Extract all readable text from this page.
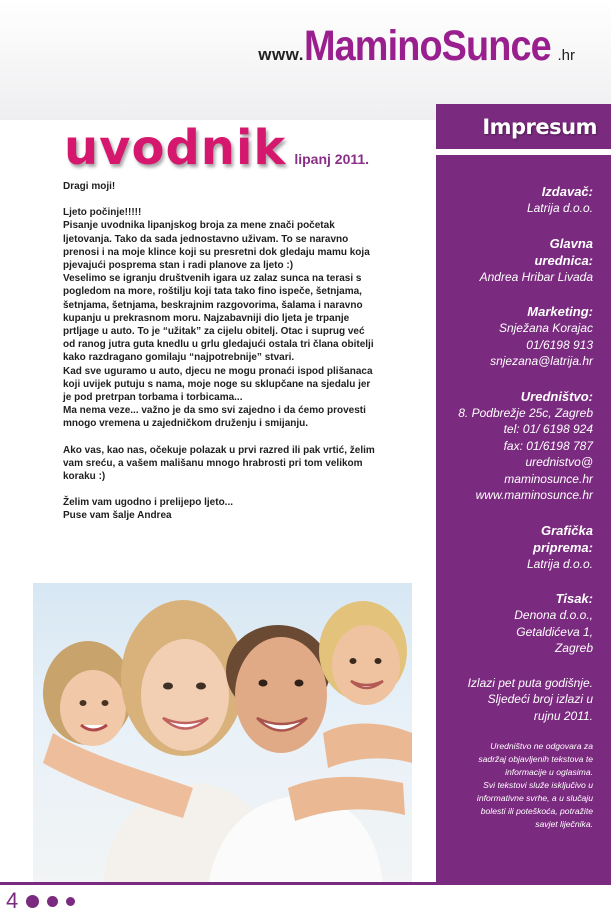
www. MaminoSunce .hr
uvodnik lipanj 2011.

Dragi moji!

Ljeto počinje!!!!!
Pisanje uvodnika lipanjskog broja za mene znači početak
ljetovanja. Tako da sada jednostavno uživam. To se naravno
prenosi i na moje klince koji su presretni dok gledaju mamu koja
pjevajući posprema stan i radi planove za ljeto :)
Veselimo se igranju društvenih igara uz zalaz sunca na terasi s
pogledom na more, roštilju koji tata tako fino ispeče, šetnjama,
šetnjama, šetnjama, beskrajnim razgovorima, šalama i naravno
kupanju u prekrasnom moru. Najzabavniji dio ljeta je trpanje
prtljage u auto. To je “užitak” za cijelu obitelj. Otac i suprug već
od ranog jutra guta knedlu u grlu gledajući ostala tri člana obitelji
kako razdragano gomilaju “najpotrebnije” stvari.
Kad sve uguramo u auto, djecu ne mogu pronaći ispod plišanaca
koji uvijek putuju s nama, moje noge su sklupčane na sjedalu jer
je pod pretrpan torbama i torbicama...
Ma nema veze... važno je da smo svi zajedno i da ćemo provesti
mnogo vremena u zajedničkom druženju i smijanju.

Ako vas, kao nas, očekuje polazak u prvi razred ili pak vrtić, želim
vam sreću, a vašem mališanu mnogo hrabrosti pri tom velikom
koraku :)

Želim vam ugodno i prelijepo ljeto...
Puse vam šalje Andrea

4
Impresum
Izdavač:
Latrija d.o.o.
Glavna
urednica:
Andrea Hribar Livada
Marketing:
Snježana Korajac
01/6198 913
snjezana@latrija.hr
Uredništvo:
8. Podbrežje 25c, Zagreb
tel: 01/ 6198 924
fax: 01/6198 787
urednistvo@
maminosunce.hr
www.maminosunce.hr
Grafička
priprema:
Latrija d.o.o.
Tisak:
Denona d.o.o.,
Getaldićeva 1,
Zagreb
Izlazi pet puta godišnje.
Sljedeći broj izlazi u
rujnu 2011.
Uredništvo ne odgovara za
sadržaj objavljenih tekstova te
informacije u oglasima.
Svi tekstovi služe isključivo u
informativne svrhe, a u slučaju
bolesti ili poteškoća, potražite
savjet liječnika.
